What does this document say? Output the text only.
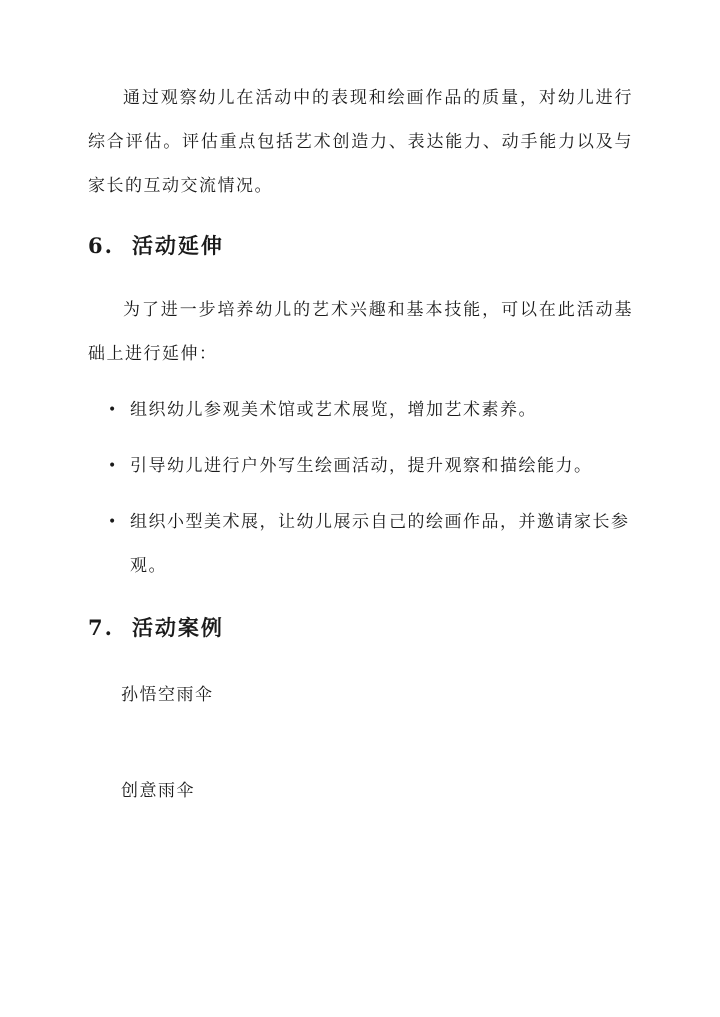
通过观察幼儿在活动中的表现和绘画作品的质量，对幼儿进行综合评估。评估重点包括艺术创造力、表达能力、动手能力以及与家长的互动交流情况。

6. 活动延伸

为了进一步培养幼儿的艺术兴趣和基本技能，可以在此活动基础上进行延伸：

• 组织幼儿参观美术馆或艺术展览，增加艺术素养。
• 引导幼儿进行户外写生绘画活动，提升观察和描绘能力。
• 组织小型美术展，让幼儿展示自己的绘画作品，并邀请家长参观。
7. 活动案例

孙悟空雨伞

创意雨伞
